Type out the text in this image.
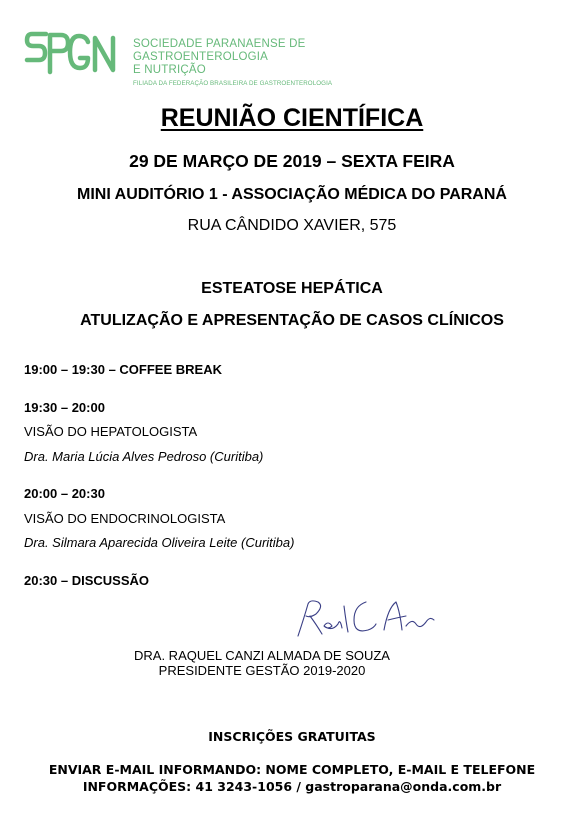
SOCIEDADE PARANAENSE DE
GASTROENTEROLOGIA
E NUTRIÇÃO
FILIADA DA FEDERAÇÃO BRASILEIRA DE GASTROENTEROLOGIA
REUNIÃO CIENTÍFICA
29 DE MARÇO DE 2019 – SEXTA FEIRA
MINI AUDITÓRIO 1 - ASSOCIAÇÃO MÉDICA DO PARANÁ
RUA CÂNDIDO XAVIER, 575
ESTEATOSE HEPÁTICA
ATULIZAÇÃO E APRESENTAÇÃO DE CASOS CLÍNICOS
19:00 – 19:30 – COFFEE BREAK
19:30 – 20:00
VISÃO DO HEPATOLOGISTA
Dra. Maria Lúcia Alves Pedroso (Curitiba)
20:00 – 20:30
VISÃO DO ENDOCRINOLOGISTA
Dra. Silmara Aparecida Oliveira Leite (Curitiba)
20:30 – DISCUSSÃO
DRA. RAQUEL CANZI ALMADA DE SOUZA
PRESIDENTE GESTÃO 2019-2020
INSCRIÇÕES GRATUITAS
ENVIAR E-MAIL INFORMANDO: NOME COMPLETO, E-MAIL E TELEFONE
INFORMAÇÕES: 41 3243-1056 / gastroparana@onda.com.br
